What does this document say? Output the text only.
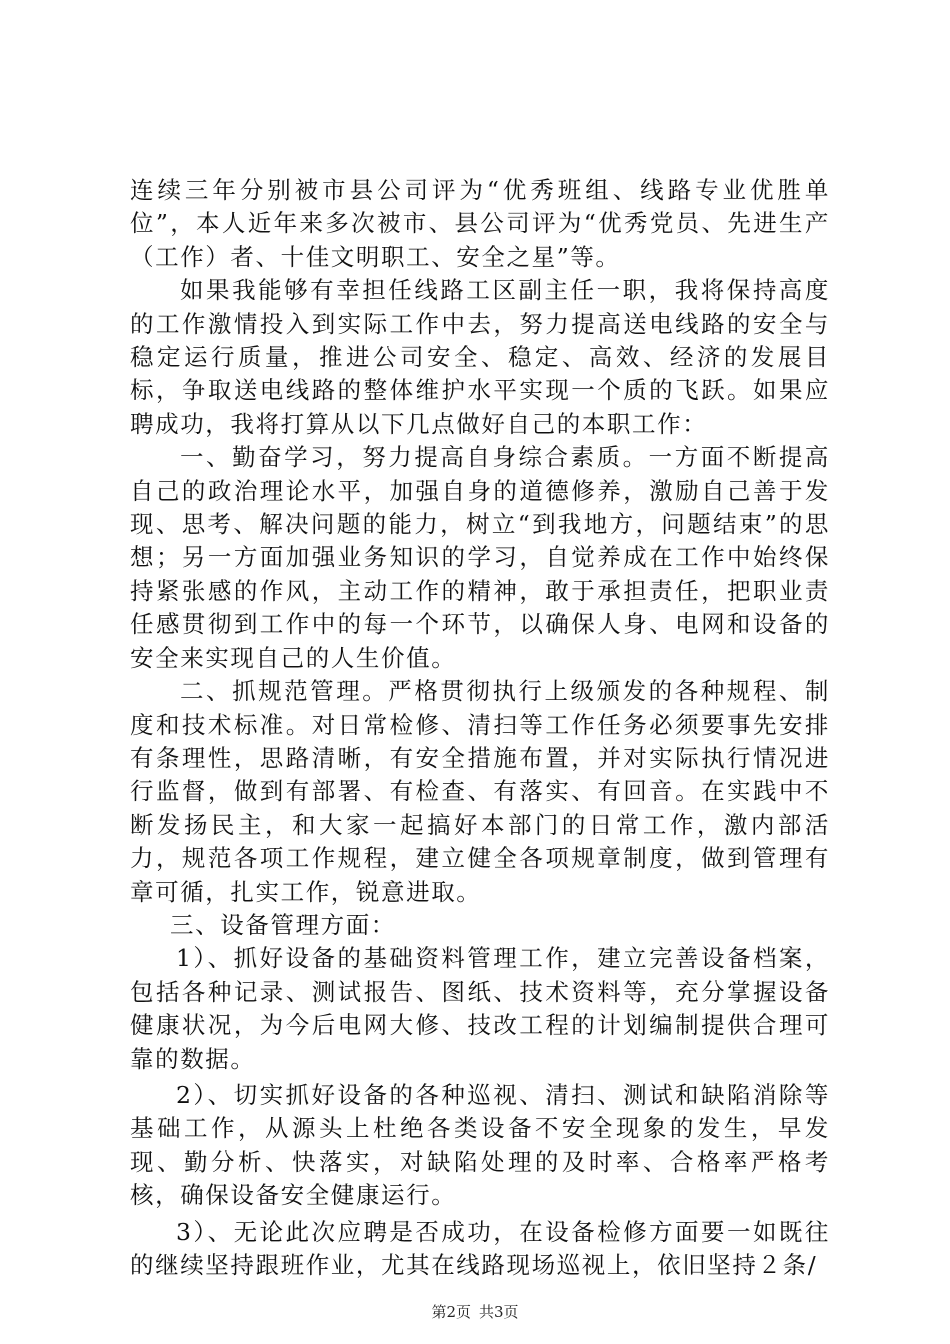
连续三年分别被市县公司评为“优秀班组、线路专业优胜单位”，本人近年来多次被市、县公司评为“优秀党员、先进生产（工作）者、十佳文明职工、安全之星”等。

如果我能够有幸担任线路工区副主任一职，我将保持高度的工作激情投入到实际工作中去，努力提高送电线路的安全与稳定运行质量，推进公司安全、稳定、高效、经济的发展目标，争取送电线路的整体维护水平实现一个质的飞跃。如果应聘成功，我将打算从以下几点做好自己的本职工作：

一、勤奋学习，努力提高自身综合素质。一方面不断提高自己的政治理论水平，加强自身的道德修养，激励自己善于发现、思考、解决问题的能力，树立“到我地方，问题结束”的思想；另一方面加强业务知识的学习，自觉养成在工作中始终保持紧张感的作风，主动工作的精神，敢于承担责任，把职业责任感贯彻到工作中的每一个环节，以确保人身、电网和设备的安全来实现自己的人生价值。

二、抓规范管理。严格贯彻执行上级颁发的各种规程、制度和技术标准。对日常检修、清扫等工作任务必须要事先安排有条理性，思路清晰，有安全措施布置，并对实际执行情况进行监督，做到有部署、有检查、有落实、有回音。在实践中不断发扬民主，和大家一起搞好本部门的日常工作，激内部活力，规范各项工作规程，建立健全各项规章制度，做到管理有章可循，扎实工作，锐意进取。

三、设备管理方面：

1）、抓好设备的基础资料管理工作，建立完善设备档案，包括各种记录、测试报告、图纸、技术资料等，充分掌握设备健康状况，为今后电网大修、技改工程的计划编制提供合理可靠的数据。

2）、切实抓好设备的各种巡视、清扫、测试和缺陷消除等基础工作，从源头上杜绝各类设备不安全现象的发生，早发现、勤分析、快落实，对缺陷处理的及时率、合格率严格考核，确保设备安全健康运行。

3）、无论此次应聘是否成功，在设备检修方面要一如既往的继续坚持跟班作业，尤其在线路现场巡视上，依旧坚持２条/

第2页 共3页
